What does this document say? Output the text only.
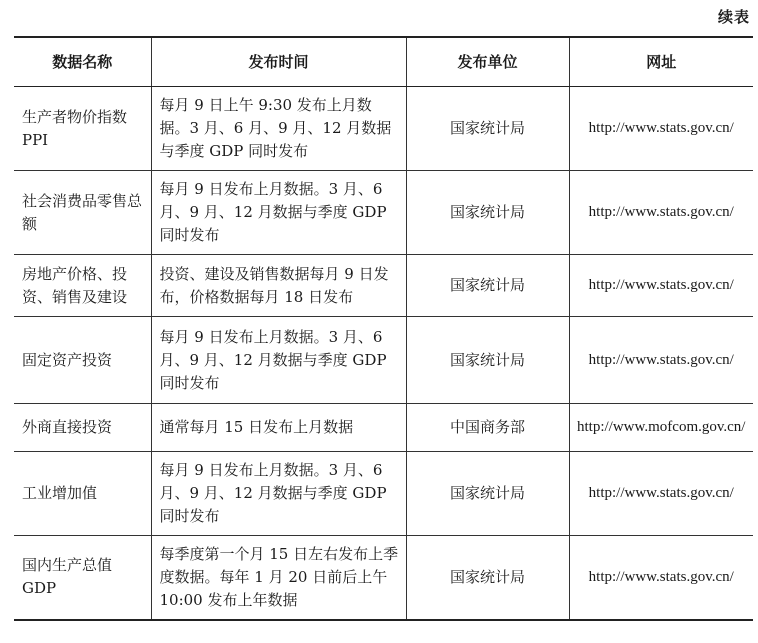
续表
数据名称	发布时间	发布单位	网址
生产者物价指数 PPI	每月 9 日上午 9:30 发布上月数据。3 月、6 月、9 月、12 月数据与季度 GDP 同时发布	国家统计局	http://www.stats.gov.cn/
社会消费品零售总额	每月 9 日发布上月数据。3 月、6 月、9 月、12 月数据与季度 GDP 同时发布	国家统计局	http://www.stats.gov.cn/
房地产价格、投资、销售及建设	投资、建设及销售数据每月 9 日发布，价格数据每月 18 日发布	国家统计局	http://www.stats.gov.cn/
固定资产投资	每月 9 日发布上月数据。3 月、6 月、9 月、12 月数据与季度 GDP 同时发布	国家统计局	http://www.stats.gov.cn/
外商直接投资	通常每月 15 日发布上月数据	中国商务部	http://www.mofcom.gov.cn/
工业增加值	每月 9 日发布上月数据。3 月、6 月、9 月、12 月数据与季度 GDP 同时发布	国家统计局	http://www.stats.gov.cn/
国内生产总值 GDP	每季度第一个月 15 日左右发布上季度数据。每年 1 月 20 日前后上午 10:00 发布上年数据	国家统计局	http://www.stats.gov.cn/
